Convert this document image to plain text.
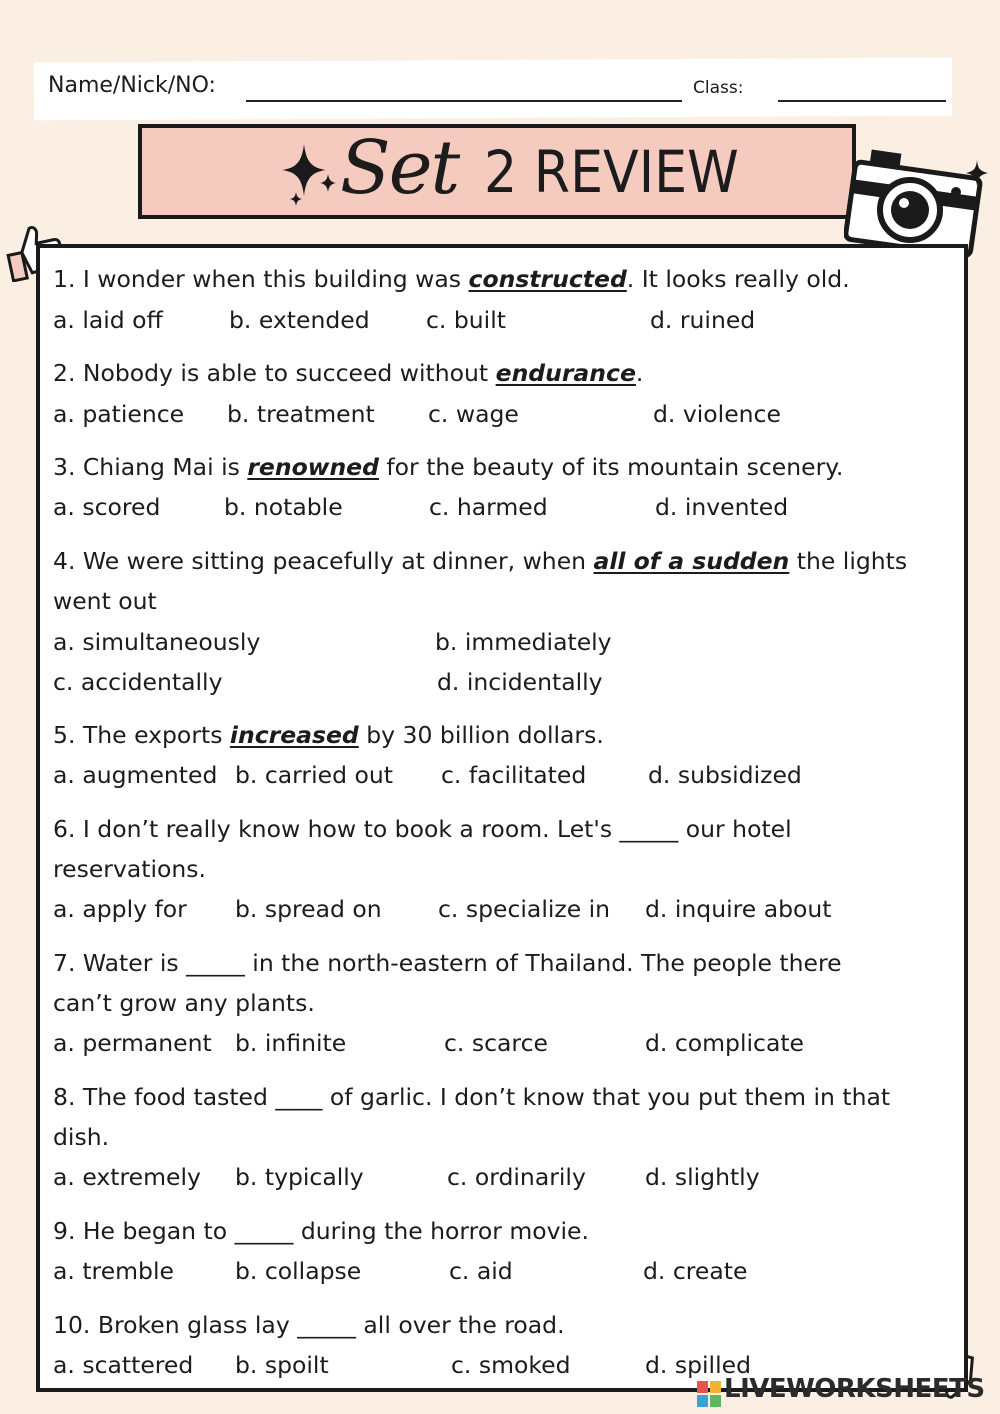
Name/Nick/NO:	Class:
Set 2 REVIEW
1. I wonder when this building was constructed. It looks really old.
a. laid off	b. extended c. built	d. ruined
2. Nobody is able to succeed without endurance.
a. patience b. treatment c. wage	d. violence
3. Chiang Mai is renowned for the beauty of its mountain scenery.
a. scored	b. notable	c. harmed	d. invented
4. We were sitting peacefully at dinner, when all of a sudden the lights
went out
a. simultaneously	b. immediately
c. accidentally	d. incidentally
5. The exports increased by 30 billion dollars.
a. augmented b. carried out c. facilitated	d. subsidized
6. I don’t really know how to book a room. Let's _____ our hotel
reservations.
a. apply for b. spread on c. specialize in d. inquire about
7. Water is _____ in the north-eastern of Thailand. The people there
can’t grow any plants.
a. permanent b. infinite	c. scarce	d. complicate
8. The food tasted ____ of garlic. I don’t know that you put them in that
dish.
a. extremely b. typically	c. ordinarily	d. slightly
9. He began to _____ during the horror movie.
a. tremble	b. collapse	c. aid	d. create
10. Broken glass lay _____ all over the road.
a. scattered b. spoilt	c. smoked	d. spilled
LIVEWORKSHEETS
